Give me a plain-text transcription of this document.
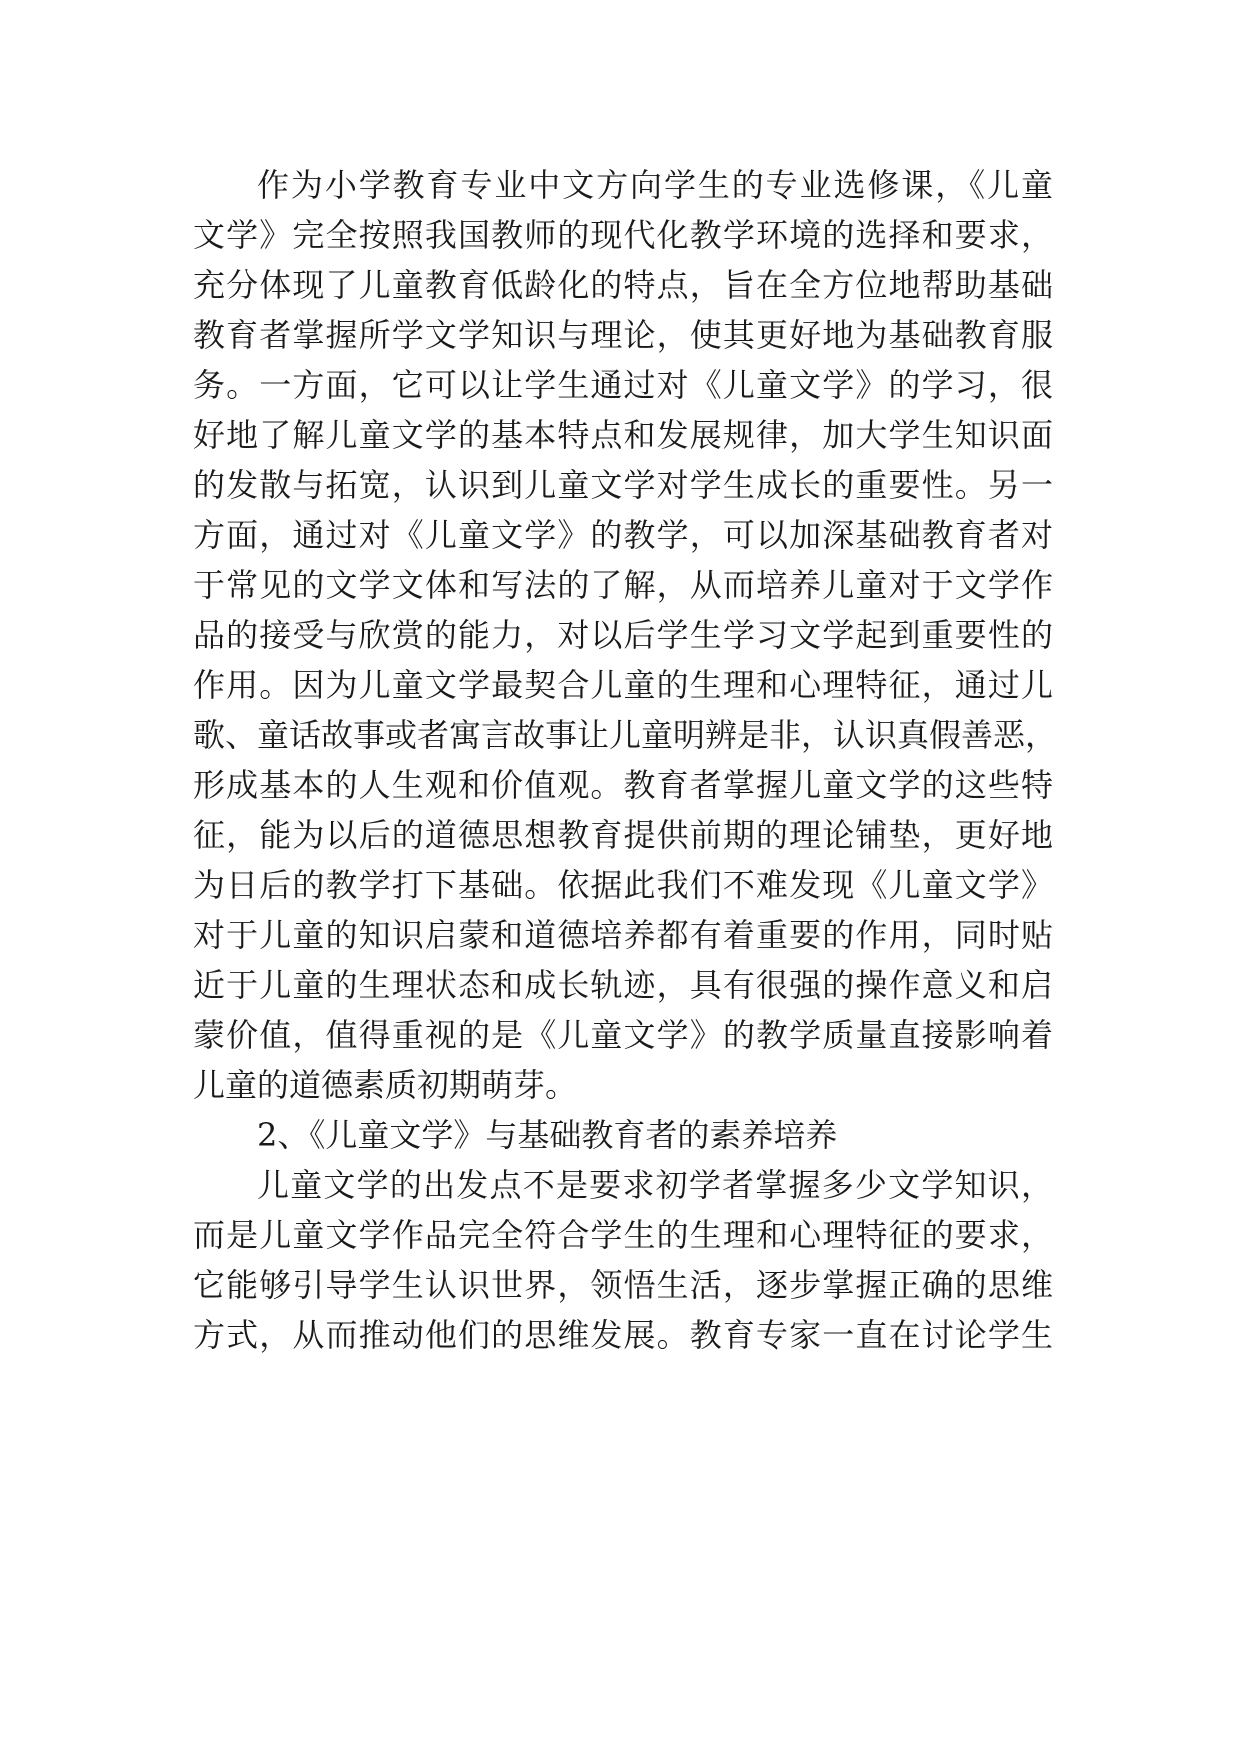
作为小学教育专业中文方向学生的专业选修课，《儿童
文学》完全按照我国教师的现代化教学环境的选择和要求，
充分体现了儿童教育低龄化的特点，旨在全方位地帮助基础
教育者掌握所学文学知识与理论，使其更好地为基础教育服
务。一方面，它可以让学生通过对《儿童文学》的学习，很
好地了解儿童文学的基本特点和发展规律，加大学生知识面
的发散与拓宽，认识到儿童文学对学生成长的重要性。另一
方面，通过对《儿童文学》的教学，可以加深基础教育者对
于常见的文学文体和写法的了解，从而培养儿童对于文学作
品的接受与欣赏的能力，对以后学生学习文学起到重要性的
作用。因为儿童文学最契合儿童的生理和心理特征，通过儿
歌、童话故事或者寓言故事让儿童明辨是非，认识真假善恶，
形成基本的人生观和价值观。教育者掌握儿童文学的这些特
征，能为以后的道德思想教育提供前期的理论铺垫，更好地
为日后的教学打下基础。依据此我们不难发现《儿童文学》
对于儿童的知识启蒙和道德培养都有着重要的作用，同时贴
近于儿童的生理状态和成长轨迹，具有很强的操作意义和启
蒙价值，值得重视的是《儿童文学》的教学质量直接影响着
儿童的道德素质初期萌芽。
2、《儿童文学》与基础教育者的素养培养
儿童文学的出发点不是要求初学者掌握多少文学知识，
而是儿童文学作品完全符合学生的生理和心理特征的要求，
它能够引导学生认识世界，领悟生活，逐步掌握正确的思维
方式，从而推动他们的思维发展。教育专家一直在讨论学生
